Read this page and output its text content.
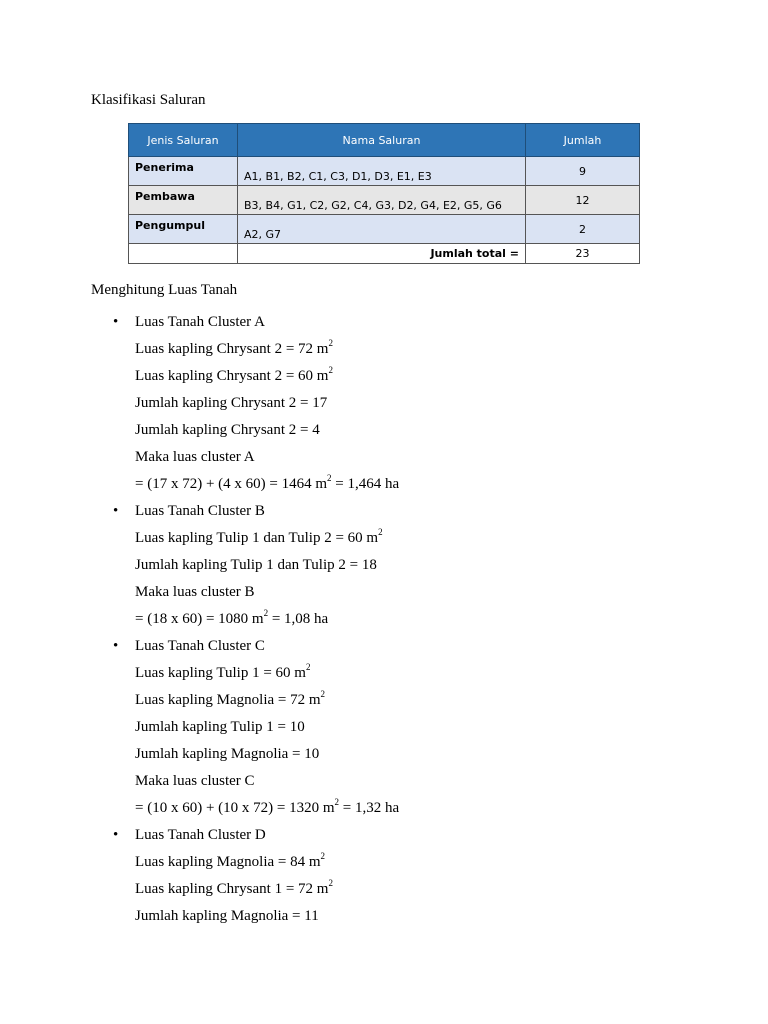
Klasifikasi Saluran
Jenis Saluran	Nama Saluran	Jumlah
Penerima	A1, B1, B2, C1, C3, D1, D3, E1, E3	9
Pembawa	B3, B4, G1, C2, G2, C4, G3, D2, G4, E2, G5, G6	12
Pengumpul	A2, G7	2
	Jumlah total =	23
Menghitung Luas Tanah
• Luas Tanah Cluster A
Luas kapling Chrysant 2 = 72 $m^2$
Luas kapling Chrysant 2 = 60 $m^2$
Jumlah kapling Chrysant 2 = 17
Jumlah kapling Chrysant 2 = 4
Maka luas cluster A
= (17 x 72) + (4 x 60) = 1464 $m^2 = 1,464$ ha
• Luas Tanah Cluster B
Luas kapling Tulip 1 dan Tulip 2 = 60 $m^2$
Jumlah kapling Tulip 1 dan Tulip 2 = 18
Maka luas cluster B
= (18 x 60) = 1080 $m^2 = 1,08$ ha
• Luas Tanah Cluster C
Luas kapling Tulip 1 = 60 $m^2$
Luas kapling Magnolia = 72 $m^2$
Jumlah kapling Tulip 1 = 10
Jumlah kapling Magnolia = 10
Maka luas cluster C
= (10 x 60) + (10 x 72) = 1320 $m^2 = 1,32$ ha
• Luas Tanah Cluster D
Luas kapling Magnolia = 84 $m^2$
Luas kapling Chrysant 1 = 72 $m^2$
Jumlah kapling Magnolia = 11
